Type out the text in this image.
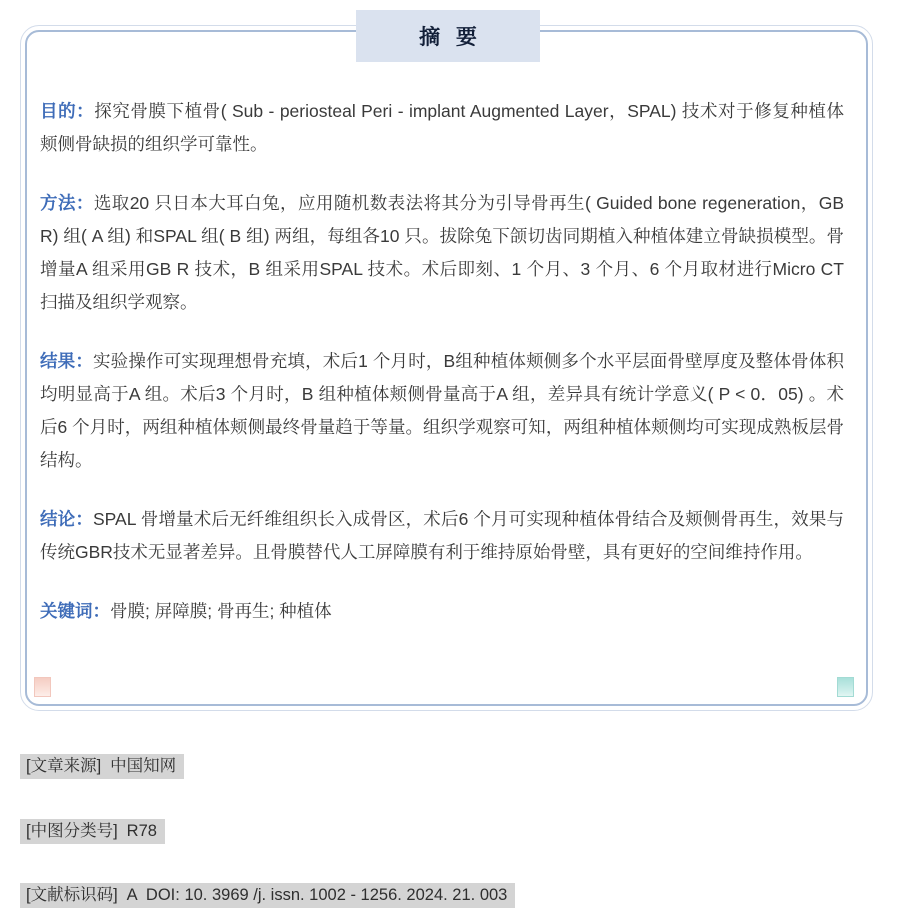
摘 要
目的：探究骨膜下植骨( Sub - periosteal Peri - implant Augmented Layer，SPAL) 技术对于修复种植体颊侧骨缺损的组织学可靠性。
方法：选取20 只日本大耳白兔，应用随机数表法将其分为引导骨再生( Guided bone regeneration，GB R) 组( A 组) 和SPAL 组( B 组) 两组，每组各10 只。拔除兔下颌切齿同期植入种植体建立骨缺损模型。骨增量A 组采用GB R 技术，B 组采用SPAL 技术。术后即刻、1 个月、3 个月、6 个月取材进行Micro CT 扫描及组织学观察。
结果：实验操作可实现理想骨充填，术后1 个月时，B组种植体颊侧多个水平层面骨壁厚度及整体骨体积均明显高于A 组。术后3 个月时，B 组种植体颊侧骨量高于A 组，差异具有统计学意义( P < 0．05) 。术后6 个月时，两组种植体颊侧最终骨量趋于等量。组织学观察可知，两组种植体颊侧均可实现成熟板层骨结构。
结论：SPAL 骨增量术后无纤维组织长入成骨区，术后6 个月可实现种植体骨结合及颊侧骨再生，效果与传统GBR技术无显著差异。且骨膜替代人工屏障膜有利于维持原始骨壁，具有更好的空间维持作用。
关键词：骨膜; 屏障膜; 骨再生; 种植体
[文章来源] 中国知网
[中图分类号] R78
[文献标识码] A  DOI: 10. 3969 /j. issn. 1002 - 1256. 2024. 21. 003
